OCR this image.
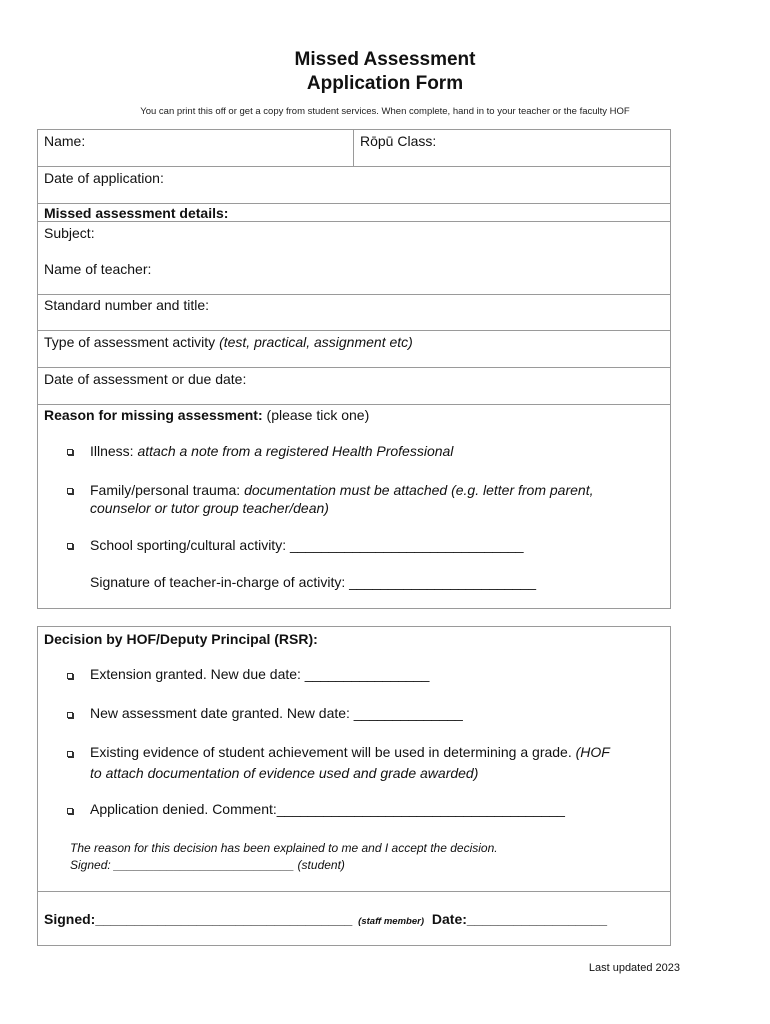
Missed Assessment
Application Form
You can print this off or get a copy from student services. When complete, hand in to your teacher or the faculty HOF
Name:	Rōpū Class:
Date of application:
Missed assessment details:
Subject:
Name of teacher:
Standard number and title:
Type of assessment activity (test, practical, assignment etc)
Date of assessment or due date:
Reason for missing assessment: (please tick one)
Illness: attach a note from a registered Health Professional
Family/personal trauma: documentation must be attached (e.g. letter from parent,
counselor or tutor group teacher/dean)
School sporting/cultural activity: ______________________________
Signature of teacher-in-charge of activity: ________________________
Decision by HOF/Deputy Principal (RSR):
Extension granted. New due date: ________________
New assessment date granted. New date: ______________
Existing evidence of student achievement will be used in determining a grade. (HOF
to attach documentation of evidence used and grade awarded)
Application denied. Comment:_____________________________________
The reason for this decision has been explained to me and I accept the decision.
Signed: ___________________________ (student)
Signed:_________________________________ (staff member) Date:__________________
Last updated 2023
